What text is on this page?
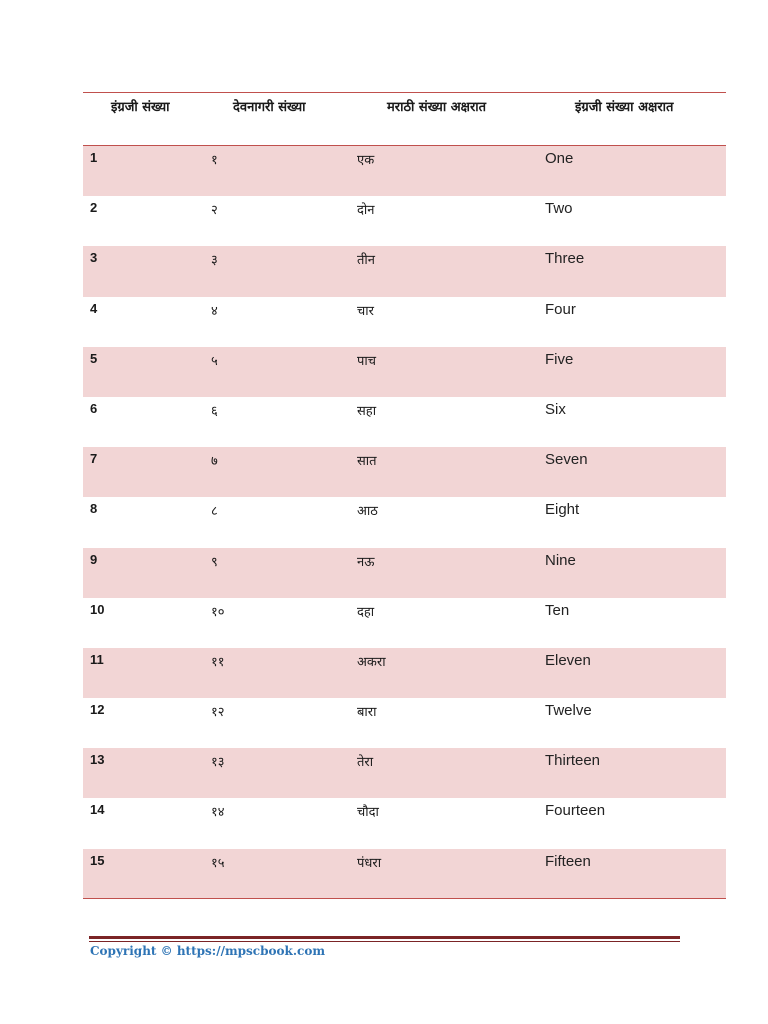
इंग्रजी संख्या	देवनागरी संख्या	मराठी संख्या अक्षरात	इंग्रजी संख्या अक्षरात
1	१	एक	One
2	२	दोन	Two
3	३	तीन	Three
4	४	चार	Four
5	५	पाच	Five
6	६	सहा	Six
7	७	सात	Seven
8	८	आठ	Eight
9	९	नऊ	Nine
10	१०	दहा	Ten
11	११	अकरा	Eleven
12	१२	बारा	Twelve
13	१३	तेरा	Thirteen
14	१४	चौदा	Fourteen
15	१५	पंधरा	Fifteen
Copyright © https://mpscbook.com
